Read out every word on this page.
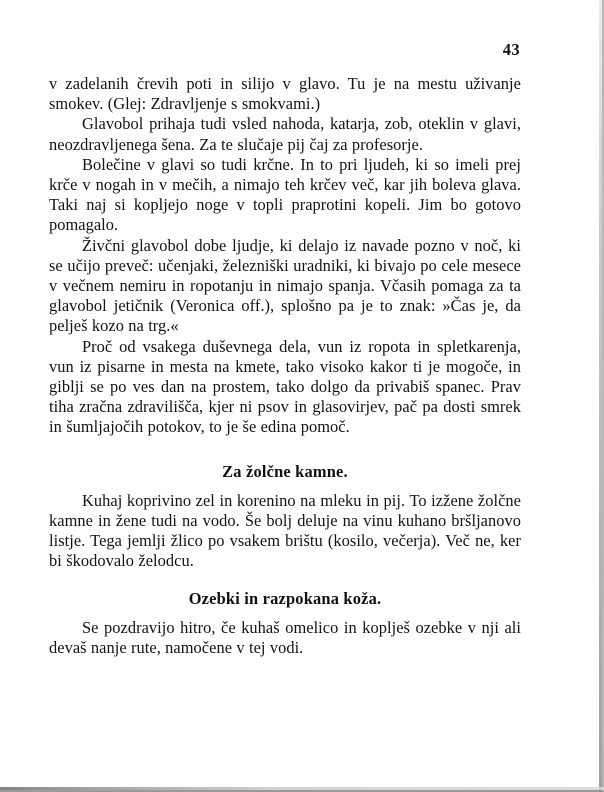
43

v zadelanih črevih poti in silijo v glavo. Tu je na mestu uživanje smokev. (Glej: Zdravljenje s smokvami.)

Glavobol prihaja tudi vsled nahoda, katarja, zob, oteklin v glavi, neozdravljenega šena. Za te slučaje pij čaj za profesorje.

Bolečine v glavi so tudi krčne. In to pri ljudeh, ki so imeli prej krče v nogah in v mečih, a nimajo teh krčev več, kar jih boleva glava. Taki naj si kopljejo noge v topli praprotini kopeli. Jim bo gotovo pomagalo.

Živčni glavobol dobe ljudje, ki delajo iz navade pozno v noč, ki se učijo preveč: učenjaki, železniški uradniki, ki bivajo po cele mesece v večnem nemiru in ropotanju in nimajo spanja. Včasih pomaga za ta glavobol jetičnik (Veronica off.), splošno pa je to znak: »Čas je, da pelješ kozo na trg.«

Proč od vsakega duševnega dela, vun iz ropota in spletkarenja, vun iz pisarne in mesta na kmete, tako visoko kakor ti je mogoče, in giblji se po ves dan na prostem, tako dolgo da privabiš spanec. Prav tiha zračna zdravilišča, kjer ni psov in glasovirjev, pač pa dosti smrek in šumljajočih potokov, to je še edina pomoč.

Za žolčne kamne.

Kuhaj koprivino zel in korenino na mleku in pij. To izžene žolčne kamne in žene tudi na vodo. Še bolj deluje na vinu kuhano bršljanovo listje. Tega jemlji žlico po vsakem brištu (kosilo, večerja). Več ne, ker bi škodovalo želodcu.

Ozebki in razpokana koža.

Se pozdravijo hitro, če kuhaš omelico in koplješ ozebke v nji ali devaš nanje rute, namočene v tej vodi.
